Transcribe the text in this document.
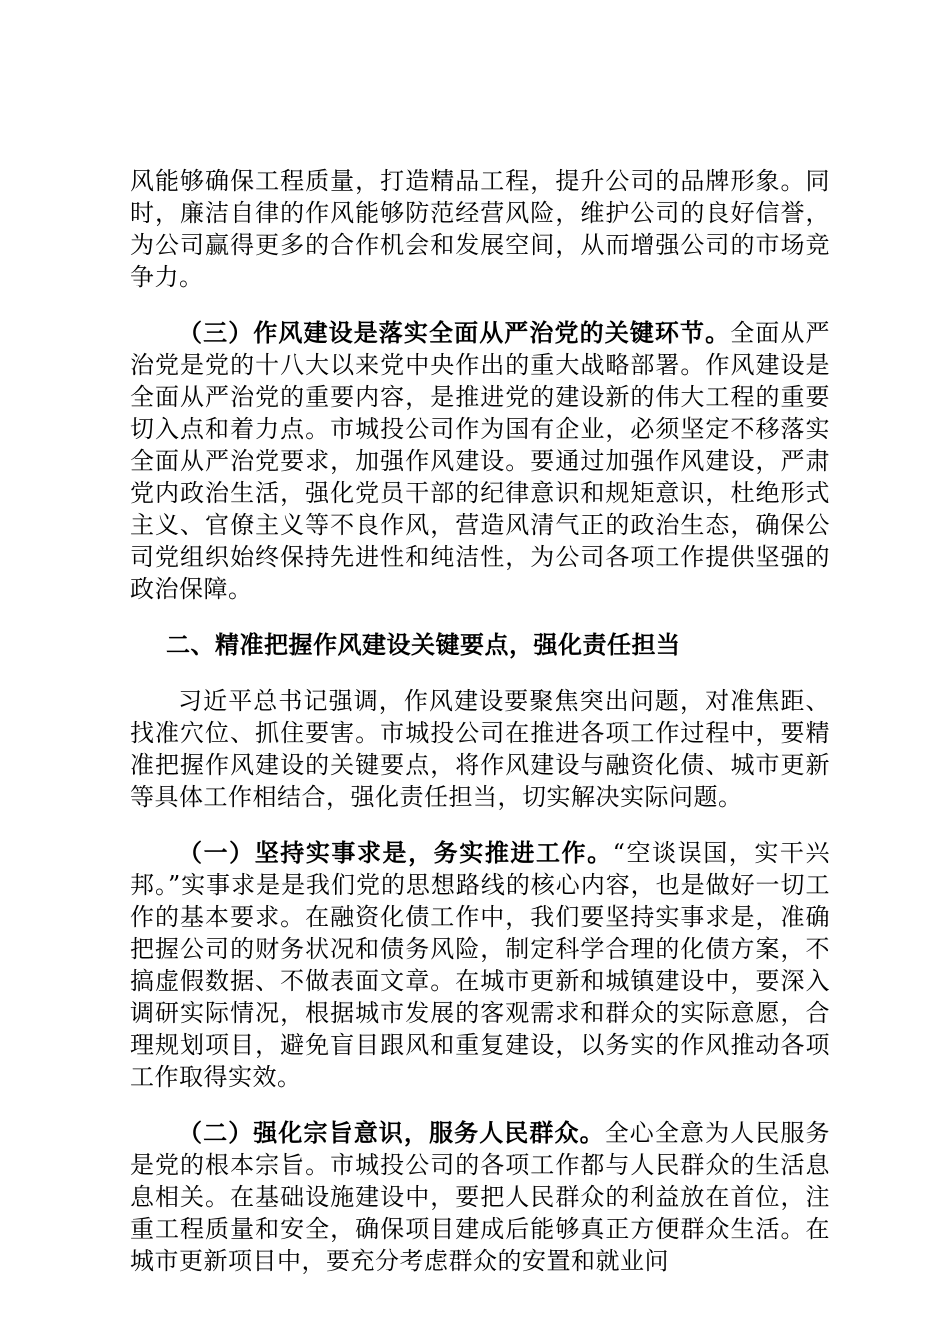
风能够确保工程质量，打造精品工程，提升公司的品牌形象。同时，廉洁自律的作风能够防范经营风险，维护公司的良好信誉，为公司赢得更多的合作机会和发展空间，从而增强公司的市场竞争力。

（三）作风建设是落实全面从严治党的关键环节。全面从严治党是党的十八大以来党中央作出的重大战略部署。作风建设是全面从严治党的重要内容，是推进党的建设新的伟大工程的重要切入点和着力点。市城投公司作为国有企业，必须坚定不移落实全面从严治党要求，加强作风建设。要通过加强作风建设，严肃党内政治生活，强化党员干部的纪律意识和规矩意识，杜绝形式主义、官僚主义等不良作风，营造风清气正的政治生态，确保公司党组织始终保持先进性和纯洁性，为公司各项工作提供坚强的政治保障。

二、精准把握作风建设关键要点，强化责任担当

习近平总书记强调，作风建设要聚焦突出问题，对准焦距、找准穴位、抓住要害。市城投公司在推进各项工作过程中，要精准把握作风建设的关键要点，将作风建设与融资化债、城市更新等具体工作相结合，强化责任担当，切实解决实际问题。

（一）坚持实事求是，务实推进工作。“空谈误国，实干兴邦。”实事求是是我们党的思想路线的核心内容，也是做好一切工作的基本要求。在融资化债工作中，我们要坚持实事求是，准确把握公司的财务状况和债务风险，制定科学合理的化债方案，不搞虚假数据、不做表面文章。在城市更新和城镇建设中，要深入调研实际情况，根据城市发展的客观需求和群众的实际意愿，合理规划项目，避免盲目跟风和重复建设，以务实的作风推动各项工作取得实效。

（二）强化宗旨意识，服务人民群众。全心全意为人民服务是党的根本宗旨。市城投公司的各项工作都与人民群众的生活息息相关。在基础设施建设中，要把人民群众的利益放在首位，注重工程质量和安全，确保项目建成后能够真正方便群众生活。在城市更新项目中，要充分考虑群众的安置和就业问
